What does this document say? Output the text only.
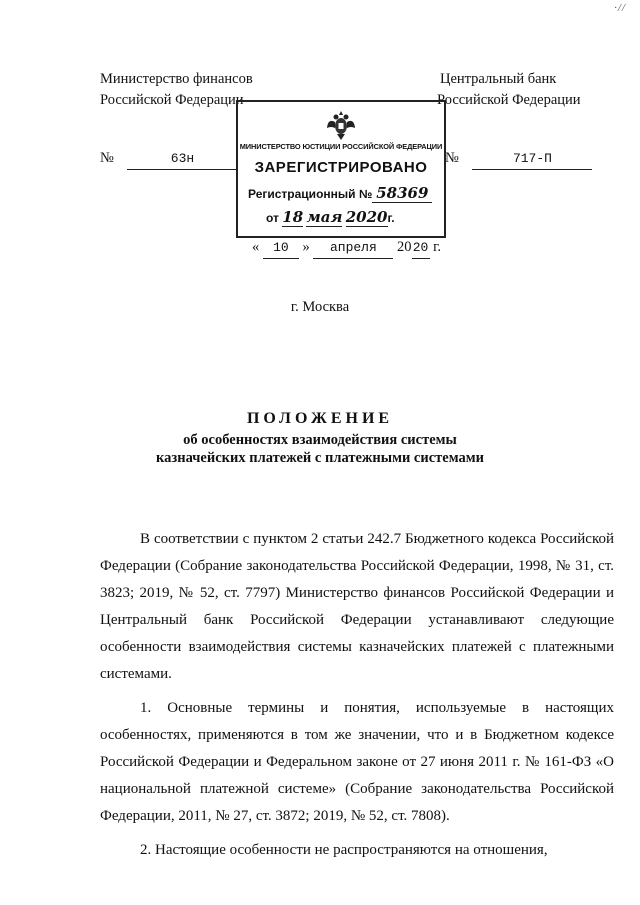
·//
Министерство финансов
Российской Федерации
№	63н
Центральный банк
Российской Федерации
№	717-П
МИНИСТЕРСТВО ЮСТИЦИИ РОССИЙСКОЙ ФЕДЕРАЦИИ
ЗАРЕГИСТРИРОВАНО
Регистрационный № 58369
от 18 мая 2020г.
« 10 » апреля 2020 г.
г. Москва
ПОЛОЖЕНИЕ
об особенностях взаимодействия системы
казначейских платежей с платежными системами

В соответствии с пунктом 2 статьи 242.7 Бюджетного кодекса Российской Федерации (Собрание законодательства Российской Федерации, 1998, № 31, ст. 3823; 2019, № 52, ст. 7797) Министерство финансов Российской Федерации и Центральный банк Российской Федерации устанавливают следующие особенности взаимодействия системы казначейских платежей с платежными системами.

1. Основные термины и понятия, используемые в настоящих особенностях, применяются в том же значении, что и в Бюджетном кодексе Российской Федерации и Федеральном законе от 27 июня 2011 г. № 161-ФЗ «О национальной платежной системе» (Собрание законодательства Российской Федерации, 2011, № 27, ст. 3872; 2019, № 52, ст. 7808).

2. Настоящие особенности не распространяются на отношения,
